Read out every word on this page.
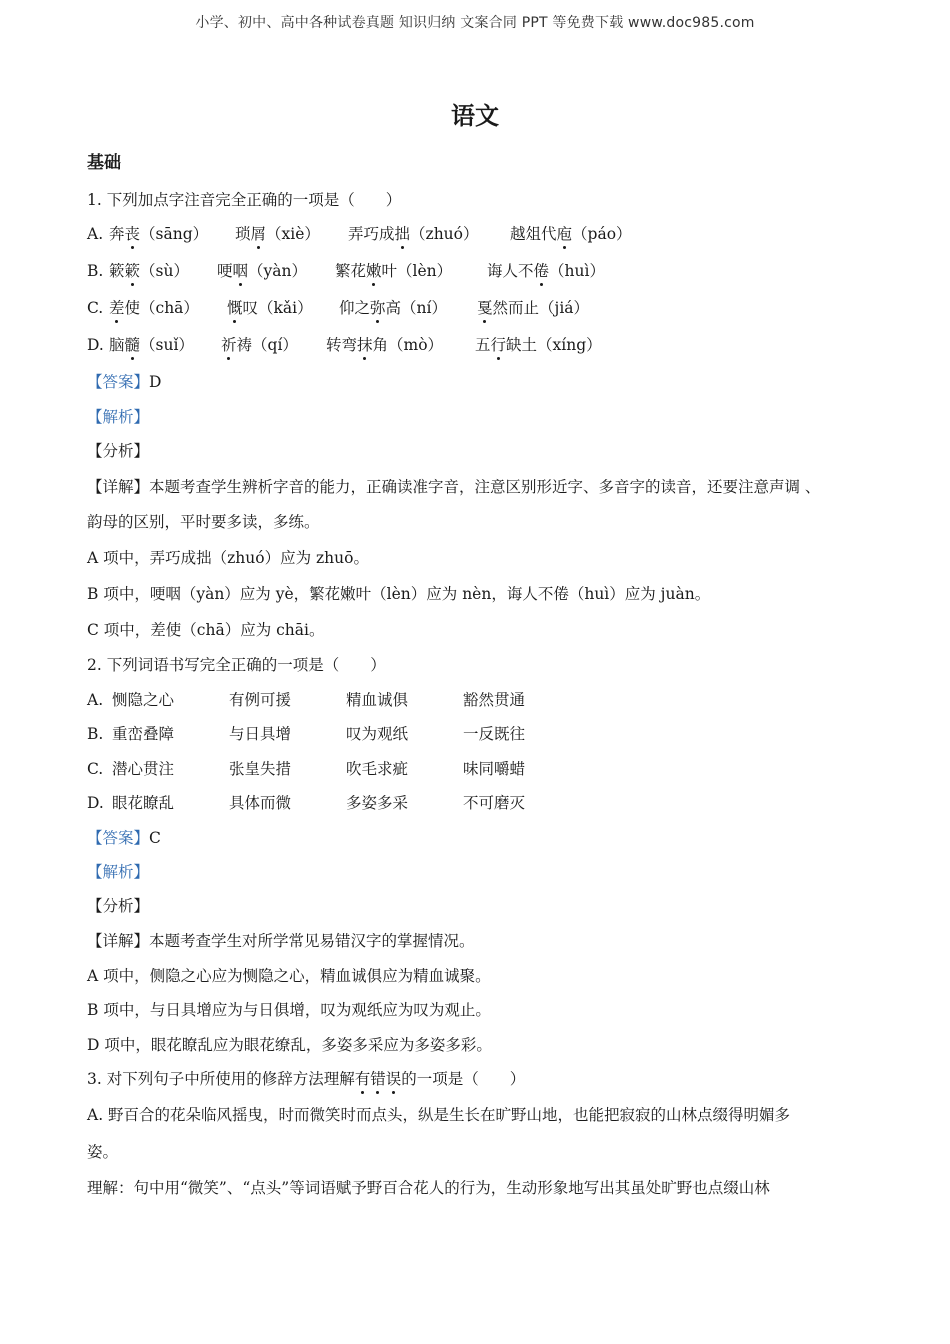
小学、初中、高中各种试卷真题 知识归纳 文案合同 PPT 等免费下载 www.doc985.com
语文
基础
1. 下列加点字注音完全正确的一项是（　　）
A. 奔丧（sāng） 琐屑（xiè） 弄巧成拙（zhuó） 越俎代庖（páo）
B. 簌簌（sù） 哽咽（yàn） 繁花嫩叶（lèn） 诲人不倦（huì）
C. 差使（chā） 慨叹（kǎi） 仰之弥高（ní） 戛然而止（jiá）
D. 脑髓（suǐ） 祈祷（qí） 转弯抹角（mò） 五行缺土（xíng）
【答案】D
【解析】
【分析】
【详解】本题考查学生辨析字音的能力，正确读准字音，注意区别形近字、多音字的读音，还要注意声调 、
韵母的区别，平时要多读，多练。
A 项中，弄巧成拙（zhuó）应为 zhuō。
B 项中，哽咽（yàn）应为 yè，繁花嫩叶（lèn）应为 nèn，诲人不倦（huì）应为 juàn。
C 项中，差使（chā）应为 chāi。
2. 下列词语书写完全正确的一项是（　　）
A. 恻隐之心	有例可援	精血诚俱	豁然贯通
B. 重峦叠障	与日具增	叹为观纸	一反既往
C. 潜心贯注	张皇失措	吹毛求疵	味同嚼蜡
D. 眼花瞭乱	具体而微	多姿多采	不可磨灭
【答案】C
【解析】
【分析】
【详解】本题考查学生对所学常见易错汉字的掌握情况。
A 项中，侧隐之心应为恻隐之心，精血诚俱应为精血诚聚。
B 项中，与日具增应为与日俱增，叹为观纸应为叹为观止。
D 项中，眼花瞭乱应为眼花缭乱，多姿多采应为多姿多彩。
3. 对下列句子中所使用的修辞方法理解有错误的一项是（　　）
A. 野百合的花朵临风摇曳，时而微笑时而点头，纵是生长在旷野山地，也能把寂寂的山林点缀得明媚多
姿。
理解：句中用“微笑”、“点头”等词语赋予野百合花人的行为，生动形象地写出其虽处旷野也点缀山林
